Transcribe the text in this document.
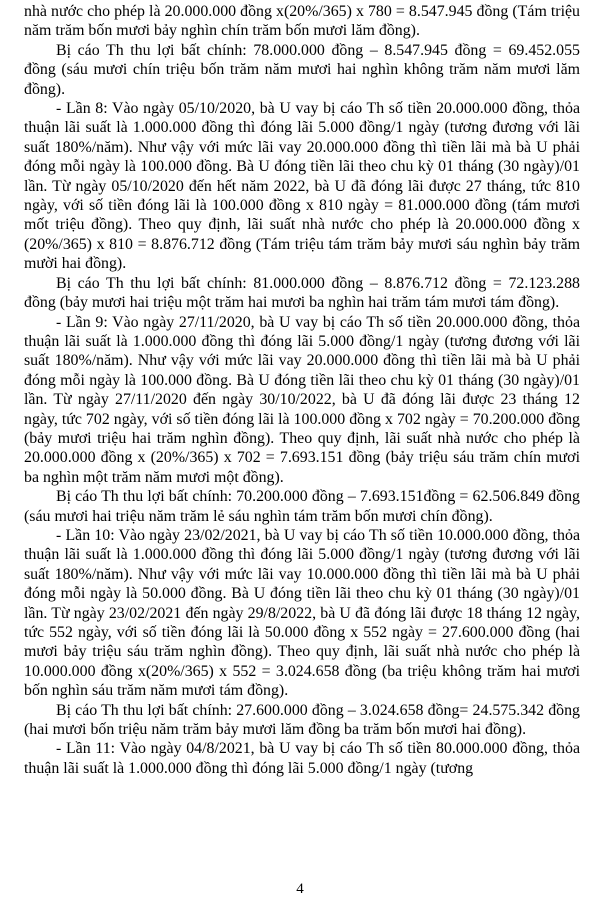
nhà nước cho phép là 20.000.000 đồng x(20%/365) x 780 = 8.547.945 đồng (Tám triệu năm trăm bốn mươi bảy nghìn chín trăm bốn mươi lăm đồng).

Bị cáo Th thu lợi bất chính: 78.000.000 đồng – 8.547.945 đồng = 69.452.055 đồng (sáu mươi chín triệu bốn trăm năm mươi hai nghìn không trăm năm mươi lăm đồng).

- Lần 8: Vào ngày 05/10/2020, bà U vay bị cáo Th số tiền 20.000.000 đồng, thỏa thuận lãi suất là 1.000.000 đồng thì đóng lãi 5.000 đồng/1 ngày (tương đương với lãi suất 180%/năm). Như vậy với mức lãi vay 20.000.000 đồng thì tiền lãi mà bà U phải đóng mỗi ngày là 100.000 đồng. Bà U đóng tiền lãi theo chu kỳ 01 tháng (30 ngày)/01 lần. Từ ngày 05/10/2020 đến hết năm 2022, bà U đã đóng lãi được 27 tháng, tức 810 ngày, với số tiền đóng lãi là 100.000 đồng x 810 ngày = 81.000.000 đồng (tám mươi mốt triệu đồng). Theo quy định, lãi suất nhà nước cho phép là 20.000.000 đồng x (20%/365) x 810 = 8.876.712 đồng (Tám triệu tám trăm bảy mươi sáu nghìn bảy trăm mười hai đồng).

Bị cáo Th thu lợi bất chính: 81.000.000 đồng – 8.876.712 đồng = 72.123.288 đồng (bảy mươi hai triệu một trăm hai mươi ba nghìn hai trăm tám mươi tám đồng).

- Lần 9: Vào ngày 27/11/2020, bà U vay bị cáo Th số tiền 20.000.000 đồng, thỏa thuận lãi suất là 1.000.000 đồng thì đóng lãi 5.000 đồng/1 ngày (tương đương với lãi suất 180%/năm). Như vậy với mức lãi vay 20.000.000 đồng thì tiền lãi mà bà U phải đóng mỗi ngày là 100.000 đồng. Bà U đóng tiền lãi theo chu kỳ 01 tháng (30 ngày)/01 lần. Từ ngày 27/11/2020 đến ngày 30/10/2022, bà U đã đóng lãi được 23 tháng 12 ngày, tức 702 ngày, với số tiền đóng lãi là 100.000 đồng x 702 ngày = 70.200.000 đồng (bảy mươi triệu hai trăm nghìn đồng). Theo quy định, lãi suất nhà nước cho phép là 20.000.000 đồng x (20%/365) x 702 = 7.693.151 đồng (bảy triệu sáu trăm chín mươi ba nghìn một trăm năm mươi một đồng).

Bị cáo Th thu lợi bất chính: 70.200.000 đồng – 7.693.151đồng = 62.506.849 đồng (sáu mươi hai triệu năm trăm lẻ sáu nghìn tám trăm bốn mươi chín đồng).

- Lần 10: Vào ngày 23/02/2021, bà U vay bị cáo Th số tiền 10.000.000 đồng, thỏa thuận lãi suất là 1.000.000 đồng thì đóng lãi 5.000 đồng/1 ngày (tương đương với lãi suất 180%/năm). Như vậy với mức lãi vay 10.000.000 đồng thì tiền lãi mà bà U phải đóng mỗi ngày là 50.000 đồng. Bà U đóng tiền lãi theo chu kỳ 01 tháng (30 ngày)/01 lần. Từ ngày 23/02/2021 đến ngày 29/8/2022, bà U đã đóng lãi được 18 tháng 12 ngày, tức 552 ngày, với số tiền đóng lãi là 50.000 đồng x 552 ngày = 27.600.000 đồng (hai mươi bảy triệu sáu trăm nghìn đồng). Theo quy định, lãi suất nhà nước cho phép là 10.000.000 đồng x(20%/365) x 552 = 3.024.658 đồng (ba triệu không trăm hai mươi bốn nghìn sáu trăm năm mươi tám đồng).

Bị cáo Th thu lợi bất chính: 27.600.000 đồng – 3.024.658 đồng= 24.575.342 đồng (hai mươi bốn triệu năm trăm bảy mươi lăm đồng ba trăm bốn mươi hai đồng).

- Lần 11: Vào ngày 04/8/2021, bà U vay bị cáo Th số tiền 80.000.000 đồng, thỏa thuận lãi suất là 1.000.000 đồng thì đóng lãi 5.000 đồng/1 ngày (tương

4
